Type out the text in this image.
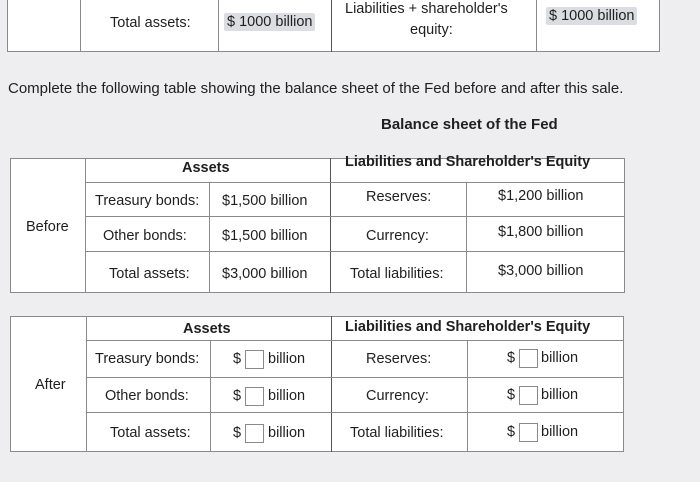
Total assets:	$ 1000 billion
Liabilities + shareholder's
equity:
$ 1000 billion
Complete the following table showing the balance sheet of the Fed before and after this sale.
Balance sheet of the Fed
Before
Assets	Liabilities and Shareholder's Equity
Treasury bonds: $1,500 billion	Reserves:	$1,200 billion
Other bonds: $1,500 billion	Currency:	$1,800 billion
Total assets: $3,000 billion	Total liabilities:	$3,000 billion
After
Assets	Liabilities and Shareholder's Equity
Treasury bonds: $ billion	Reserves:	$ billion
Other bonds:	$ billion	Currency:	$ billion
Total assets:	$ billion	Total liabilities:	$ billion
